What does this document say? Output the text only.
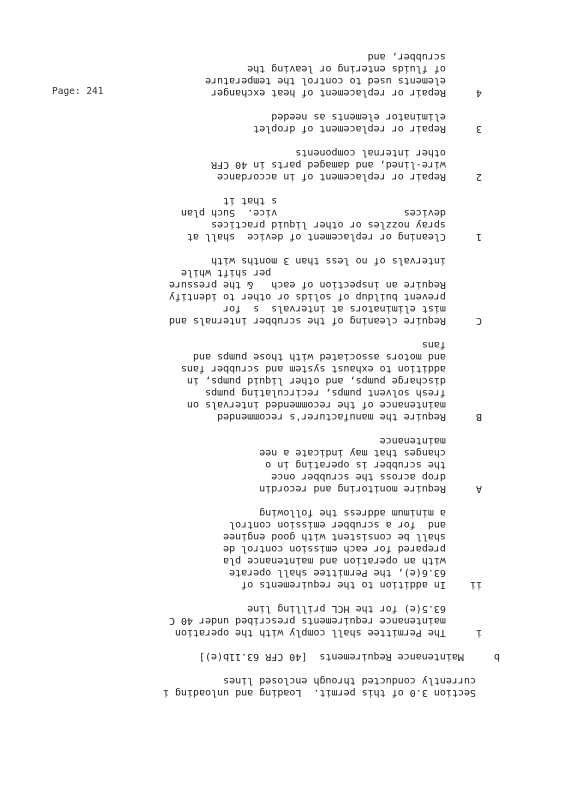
Page: 241
Section 3.0 of this permit.  Loading and unloading i
currently conducted through enclosed lines
b     Maintenance Requirements  [40 CFR 63.11b(e)]
i     The Permittee shall comply with the operation
maintenance requirements prescribed under 40 C
63.5(e) for the HCL prilling line
ii    In addition to the requirements of
63.6(e), the Permittee shall operate
with an operation and maintenance pla
prepared for each emission control de
shall be consistent with good enginee
and  for a scrubber emission control
a minimum address the following
A     Require monitoring and recordin
drop across the scrubber once
the scrubber is operating in o
changes that may indicate a nee
maintenance
B     Require the manufacturer's recommended
maintenance of the recommended intervals on
fresh solvent pumps, recirculating pumps
discharge pumps, and other liquid pumps, in
addition to exhaust system and scrubber fans
and motors associated with those pumps and
fans
C     Require cleaning of the scrubber internals and
mist eliminators at intervals  s  for
prevent buildup of solids or other to identify
Require an inspection of each   & the pressure
per shift while
intervals of no less than 3 months with
1     Cleaning or replacement of device  shall at
spray nozzles or other liquid practices
devices                     vice.  Such plan
s that it
2     Repair or replacement of in accordance
wire-lined, and damaged parts in 40 CFR
other internal components
3     Repair or replacement of droplet
eliminator elements as needed
4     Repair or replacement of heat exchanger
elements used to control the temperature
of fluids entering or leaving the
scrubber, and
